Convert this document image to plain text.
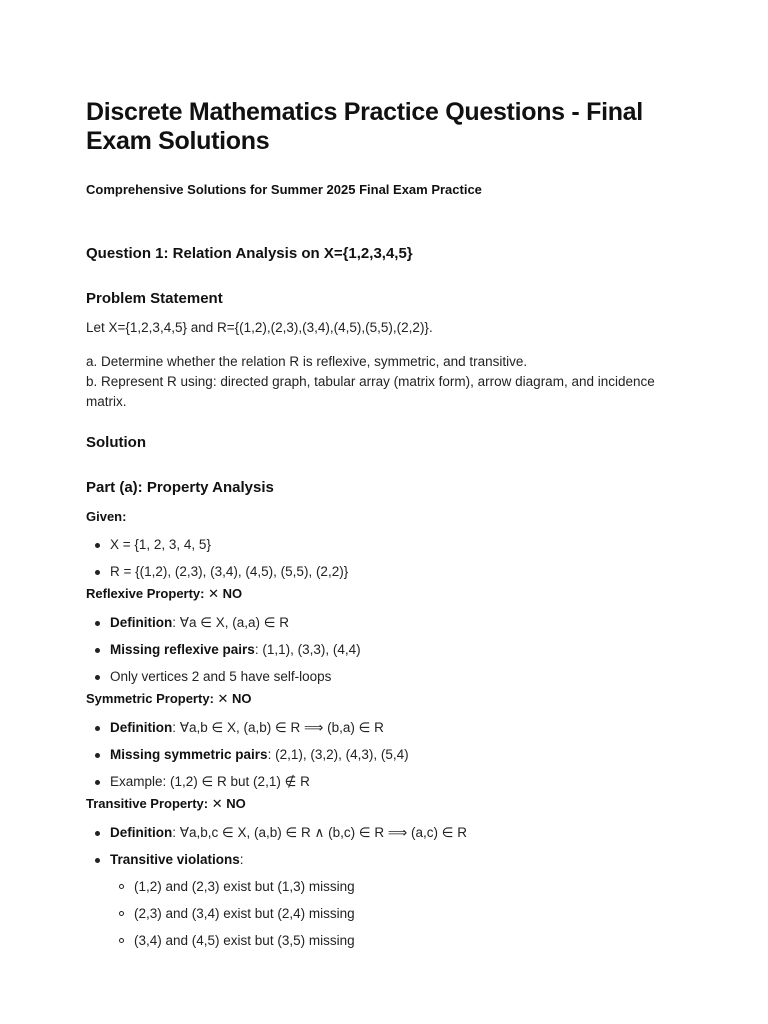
Discrete Mathematics Practice Questions - Final Exam Solutions
Comprehensive Solutions for Summer 2025 Final Exam Practice
Question 1: Relation Analysis on X={1,2,3,4,5}
Problem Statement
Let X={1,2,3,4,5} and R={(1,2),(2,3),(3,4),(4,5),(5,5),(2,2)}.
a. Determine whether the relation R is reflexive, symmetric, and transitive.
b. Represent R using: directed graph, tabular array (matrix form), arrow diagram, and incidence matrix.
Solution
Part (a): Property Analysis
Given:
X = {1, 2, 3, 4, 5}
R = {(1,2), (2,3), (3,4), (4,5), (5,5), (2,2)}
Reflexive Property: ✕ NO
Definition: ∀a ∈ X, (a,a) ∈ R
Missing reflexive pairs: (1,1), (3,3), (4,4)
Only vertices 2 and 5 have self-loops
Symmetric Property: ✕ NO
Definition: ∀a,b ∈ X, (a,b) ∈ R ⟹ (b,a) ∈ R
Missing symmetric pairs: (2,1), (3,2), (4,3), (5,4)
Example: (1,2) ∈ R but (2,1) ∉ R
Transitive Property: ✕ NO
Definition: ∀a,b,c ∈ X, (a,b) ∈ R ∧ (b,c) ∈ R ⟹ (a,c) ∈ R
Transitive violations:
(1,2) and (2,3) exist but (1,3) missing
(2,3) and (3,4) exist but (2,4) missing
(3,4) and (4,5) exist but (3,5) missing
